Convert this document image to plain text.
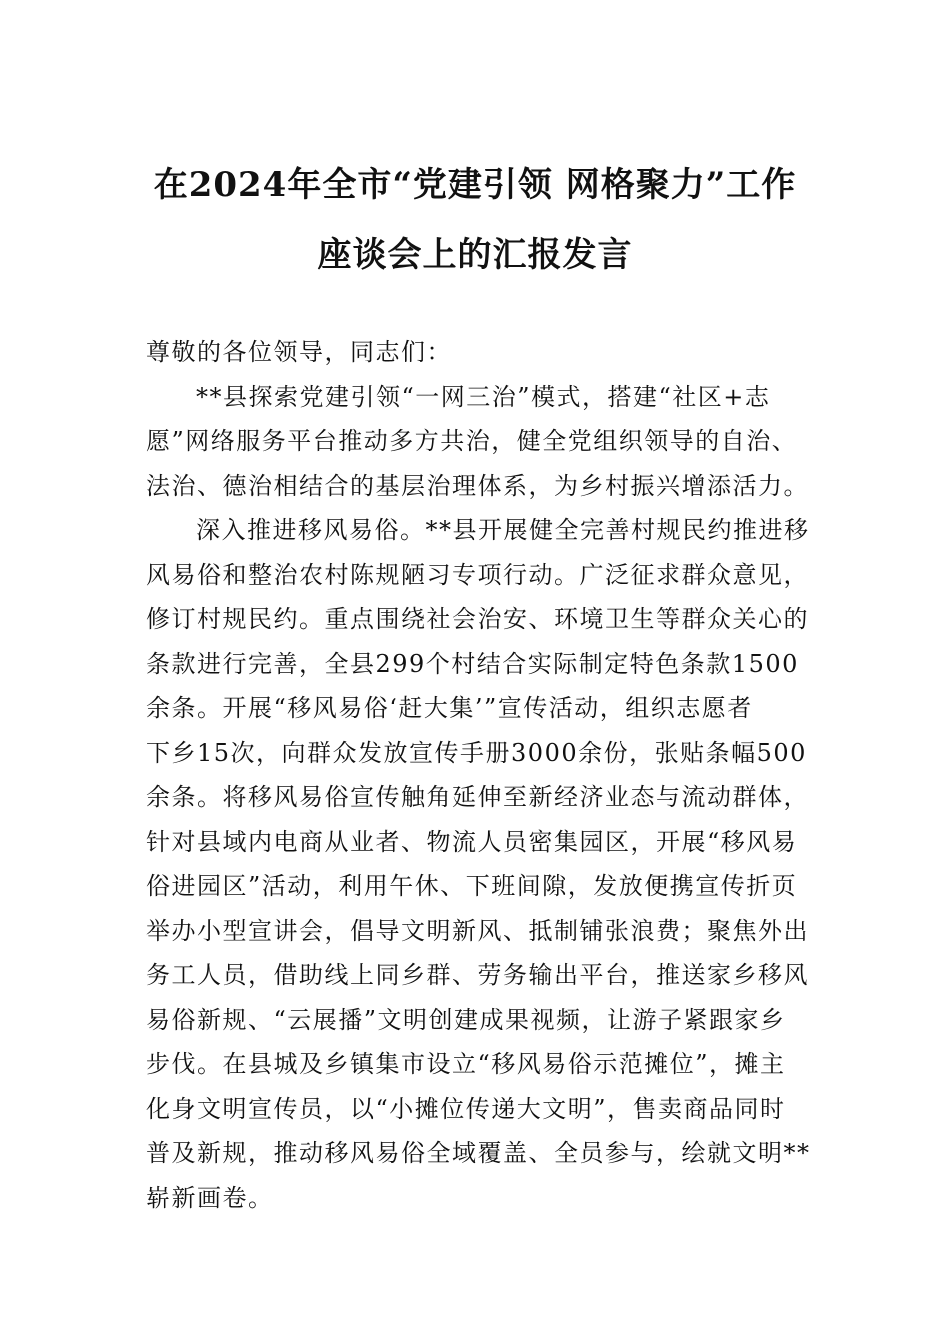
在2024年全市“党建引领 网格聚力”工作
座谈会上的汇报发言
尊敬的各位领导，同志们：
**县探索党建引领“一网三治”模式，搭建“社区+志
愿”网络服务平台推动多方共治，健全党组织领导的自治、
法治、德治相结合的基层治理体系，为乡村振兴增添活力。
深入推进移风易俗。**县开展健全完善村规民约推进移
风易俗和整治农村陈规陋习专项行动。广泛征求群众意见，
修订村规民约。重点围绕社会治安、环境卫生等群众关心的
条款进行完善，全县299个村结合实际制定特色条款1500
余条。开展“移风易俗‘赶大集’”宣传活动，组织志愿者
下乡15次，向群众发放宣传手册3000余份，张贴条幅500
余条。将移风易俗宣传触角延伸至新经济业态与流动群体，
针对县域内电商从业者、物流人员密集园区，开展“移风易
俗进园区”活动，利用午休、下班间隙，发放便携宣传折页
举办小型宣讲会，倡导文明新风、抵制铺张浪费；聚焦外出
务工人员，借助线上同乡群、劳务输出平台，推送家乡移风
易俗新规、“云展播”文明创建成果视频，让游子紧跟家乡
步伐。在县城及乡镇集市设立“移风易俗示范摊位”，摊主
化身文明宣传员，以“小摊位传递大文明”，售卖商品同时
普及新规，推动移风易俗全域覆盖、全员参与，绘就文明**
崭新画卷。
